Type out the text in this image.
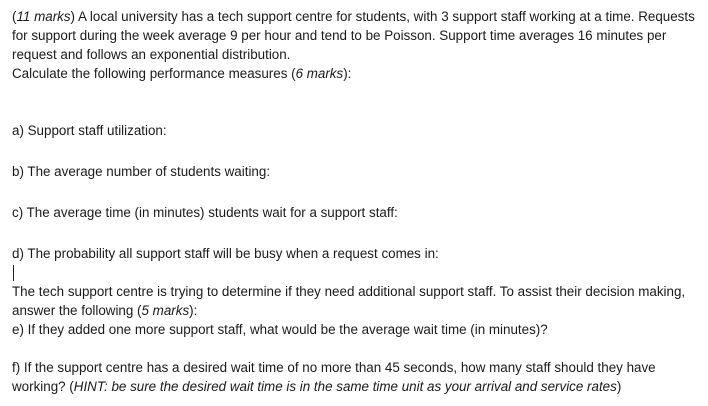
(11 marks) A local university has a tech support centre for students, with 3 support staff working at a time. Requests for support during the week average 9 per hour and tend to be Poisson. Support time averages 16 minutes per request and follows an exponential distribution.

Calculate the following performance measures (6 marks):

a) Support staff utilization:

b) The average number of students waiting:

c) The average time (in minutes) students wait for a support staff:

d) The probability all support staff will be busy when a request comes in:

The tech support centre is trying to determine if they need additional support staff. To assist their decision making, answer the following (5 marks):

e) If they added one more support staff, what would be the average wait time (in minutes)?

f) If the support centre has a desired wait time of no more than 45 seconds, how many staff should they have working? (HINT: be sure the desired wait time is in the same time unit as your arrival and service rates)
